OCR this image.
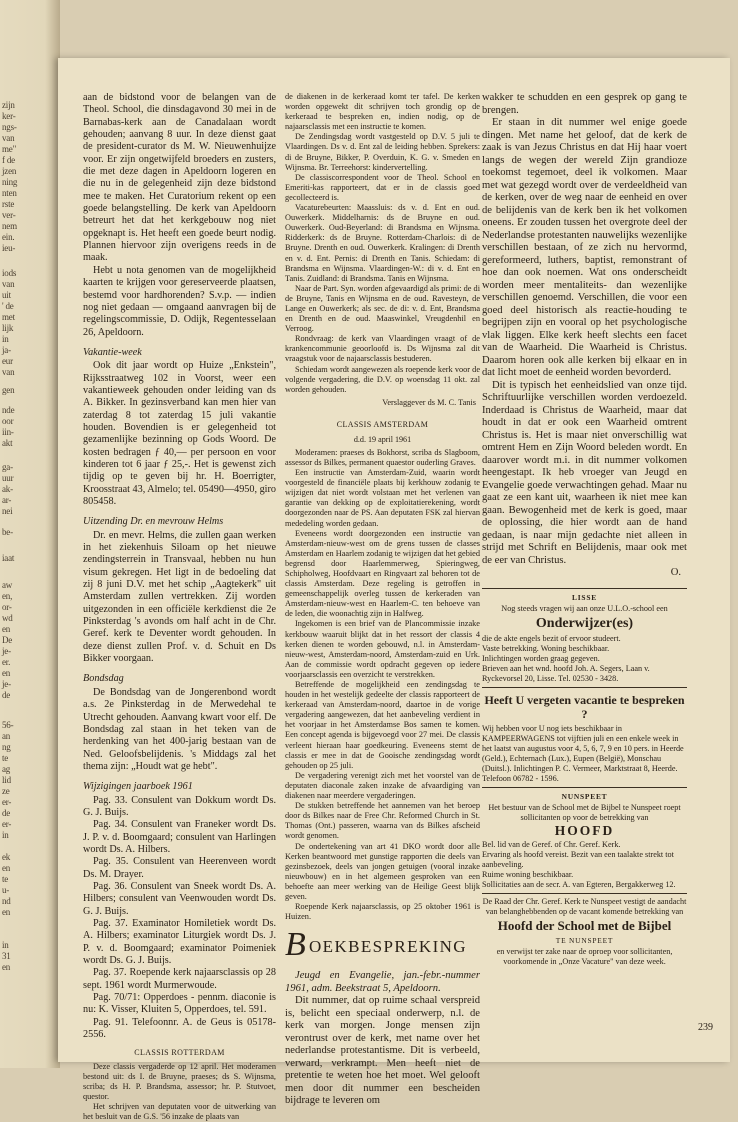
zijn
ker-
ngs-
van
me"
f de
jzen
ning
nten
rste
ver-
nem
ein.
ieu-
iods
van
uit
' de
met
lijk
in
ja-
eur
van
gen
nde
oor
iin-
akt
ga-
uur
ak-
ar-
nei
be-
iaat
aw
en,
or-
wd
en
De
je-
er.
en
je-
de
56-
an
ng
te
ag
lid
ze
er-
de
er-
in
ek
en
te
u-
nd
en
in
31
en

aan de bidstond voor de belangen van de Theol. School, die dinsdagavond 30 mei in de Barnabas-kerk aan de Canadalaan wordt gehouden; aanvang 8 uur. In deze dienst gaat de president-curator ds M. W. Nieuwenhuijze voor. Er zijn ongetwijfeld broeders en zusters, die met deze dagen in Apeldoorn logeren en die nu in de gelegenheid zijn deze bidstond mee te maken. Het Curatorium rekent op een goede belangstelling. De kerk van Apeldoorn betreurt het dat het kerkgebouw nog niet opgeknapt is. Het heeft een goede beurt nodig. Plannen hiervoor zijn overigens reeds in de maak.

Hebt u nota genomen van de mogelijkheid kaarten te krijgen voor gereserveerde plaatsen, bestemd voor hardhorenden? S.v.p. — indien nog niet gedaan — omgaand aanvragen bij de regelingscommissie, D. Odijk, Regentesselaan 26, Apeldoorn.

Vakantie-week

Ook dit jaar wordt op Huize „Enkstein", Rijksstraatweg 102 in Voorst, weer een vakantieweek gehouden onder leiding van ds A. Bikker. In gezinsverband kan men hier van zaterdag 8 tot zaterdag 15 juli vakantie houden. Bovendien is er gelegenheid tot gezamenlijke bezinning op Gods Woord. De kosten bedragen ƒ 40,— per persoon en voor kinderen tot 6 jaar ƒ 25,-. Het is gewenst zich tijdig op te geven bij hr. H. Boerrigter, Kroosstraat 43, Almelo; tel. 05490—4950, giro 805458.

Uitzending Dr. en mevrouw Helms

Dr. en mevr. Helms, die zullen gaan werken in het ziekenhuis Siloam op het nieuwe zendingsterrein in Transvaal, hebben nu hun visum gekregen. Het ligt in de bedoeling dat zij 8 juni D.V. met het schip „Aagtekerk" uit Amsterdam zullen vertrekken. Zij worden uitgezonden in een officiële kerkdienst die 2e Pinksterdag 's avonds om half acht in de Chr. Geref. kerk te Deventer wordt gehouden. In deze dienst zullen Prof. v. d. Schuit en Ds Bikker voorgaan.

Bondsdag

De Bondsdag van de Jongerenbond wordt a.s. 2e Pinksterdag in de Merwedehal te Utrecht gehouden. Aanvang kwart voor elf. De Bondsdag zal staan in het teken van de herdenking van het 400-jarig bestaan van de Ned. Geloofsbelijdenis. 's Middags zal het thema zijn: „Houdt wat ge hebt".

Wijzigingen jaarboek 1961

Pag. 33. Consulent van Dokkum wordt Ds. G. J. Buijs.

Pag. 34. Consulent van Franeker wordt Ds. J. P. v. d. Boomgaard; consulent van Harlingen wordt Ds. A. Hilbers.

Pag. 35. Consulent van Heerenveen wordt Ds. M. Drayer.

Pag. 36. Consulent van Sneek wordt Ds. A. Hilbers; consulent van Veenwouden wordt Ds. G. J. Buijs.

Pag. 37. Examinator Homiletiek wordt Ds. A. Hilbers; examinator Liturgiek wordt Ds. J. P. v. d. Boomgaard; examinator Poimeniek wordt Ds. G. J. Buijs.

Pag. 37. Roepende kerk najaarsclassis op 28 sept. 1961 wordt Murmerwoude.

Pag. 70/71: Opperdoes - pennm. diaconie is nu: K. Visser, Kluiten 5, Opperdoes, tel. 591.

Pag. 91. Telefoonnr. A. de Geus is 05178-2556.

CLASSIS ROTTERDAM

Deze classis vergaderde op 12 april. Het moderamen bestond uit: ds I. de Bruyne, praeses; ds S. Wijnsma, scriba; ds H. P. Brandsma, assessor; hr. P. Stutvoet, questor.

Het schrijven van deputaten voor de uitwerking van het besluit van de G.S. '56 inzake de plaats van

de diakenen in de kerkeraad komt ter tafel. De kerken worden opgewekt dit schrijven toch grondig op de kerkeraad te bespreken en, indien nodig, op de najaarsclassis met een instructie te komen.

De Zendingsdag wordt vastgesteld op D.V. 5 juli te Vlaardingen. Ds v. d. Ent zal de leiding hebben. Sprekers: di de Bruyne, Bikker, P. Overduin, K. G. v. Smeden en Wijnsma. Br. Terreehorst: kindervertelling.

De classiscorrespondent voor de Theol. School en Emeriti-kas rapporteert, dat er in de classis goed gecollecteerd is.

Vacaturebeurten: Maassluis: ds v. d. Ent en oud. Ouwerkerk. Middelharnis: ds de Bruyne en oud. Ouwerkerk. Oud-Beyerland: di Brandsma en Wijnsma. Ridderkerk: ds de Bruyne. Rotterdam-Charlois: di de Bruyne. Drenth en oud. Ouwerkerk. Kralingen: di Drenth en v. d. Ent. Pernis: di Drenth en Tanis. Schiedam: di Brandsma en Wijnsma. Vlaardingen-W.: di v. d. Ent en Tanis. Zuidland: di Brandsma. Tanis en Wijnsma.

Naar de Part. Syn. worden afgevaardigd als primi: de di de Bruyne, Tanis en Wijnsma en de oud. Ravesteyn, de Lange en Ouwerkerk; als sec. de di: v. d. Ent, Brandsma en Drenth en de oud. Maaswinkel, Vreugdenhil en Verroog.

Rondvraag: de kerk van Vlaardingen vraagt of de krankencommunie geoorloofd is. Ds Wijnsma zal dit vraagstuk voor de najaarsclassis bestuderen.

Schiedam wordt aangewezen als roepende kerk voor de volgende vergadering, die D.V. op woensdag 11 okt. zal worden gehouden.

Verslaggever ds M. C. Tanis
CLASSIS AMSTERDAM
d.d. 19 april 1961

Moderamen: praeses ds Bokhorst, scriba ds Slagboom, assessor ds Bilkes, permanent quaestor ouderling Graves.

Een instructie van Amsterdam-Zuid, waarin wordt voorgesteld de financiële plaats bij kerkhouw zodanig te wijzigen dat niet wordt volstaan met het verlenen van garantie van dekking op de exploitatierekening, wordt doorgezonden naar de PS. Aan deputaten FSK zal hiervan mededeling worden gedaan.

Eveneens wordt doorgezonden een instructie van Amsterdam-nieuw-west om de grens tussen de classes Amsterdam en Haarlem zodanig te wijzigen dat het gebied begrensd door Haarlemmerweg, Spieringweg, Schipholweg, Hoofdvaart en Ringvaart zal behoren tot de classis Amsterdam. Deze regeling is getroffen in gemeenschappelijk overleg tussen de kerkeraden van Amsterdam-nieuw-west en Haarlem-C. ten behoeve van de leden, die woonachtig zijn in Halfweg.

Ingekomen is een brief van de Plancommissie inzake kerkbouw waaruit blijkt dat in het ressort der classis 4 kerken dienen te worden gebouwd, n.l. in Amsterdam-nieuw-west, Amsterdam-noord, Amsterdam-zuid en Urk. Aan de commissie wordt opdracht gegeven op iedere voorjaarsclassis een overzicht te verstrekken.

Betreffende de mogelijkheid een zendingsdag te houden in het westelijk gedeelte der classis rapporteert de kerkeraad van Amsterdam-noord, daartoe in de vorige vergadering aangewezen, dat het aanbeveling verdient in het voorjaar in het Amsterdamse Bos samen te komen. Een concept agenda is bijgevoegd voor 27 mei. De classis verleent hieraan haar goedkeuring. Eveneens stemt de classis er mee in dat de Gooische zendingsdag wordt gehouden op 25 juli.

De vergadering verenigt zich met het voorstel van de deputaten diaconale zaken inzake de afvaardiging van diakenen naar meerdere vergaderingen.

De stukken betreffende het aannemen van het beroep door ds Bilkes naar de Free Chr. Reformed Church in St. Thomas (Ont.) passeren, waarna van ds Bilkes afscheid wordt genomen.

De ondertekening van art 41 DKO wordt door alle Kerken beantwoord met gunstige rapporten die deels van gezinsbezoek, deels van jongen getuigen (vooral inzake nieuwbouw) en in het algemeen gesproken van een behoefte aan meer werking van de Heilige Geest blijk geven.

Roepende Kerk najaarsclassis, op 25 oktober 1961 is Huizen.

B OEKBESPREKING

Jeugd en Evangelie, jan.-febr.-nummer 1961, adm. Beekstraat 5, Apeldoorn.

Dit nummer, dat op ruime schaal verspreid is, belicht een speciaal onderwerp, n.l. de kerk van morgen. Jonge mensen zijn verontrust over de kerk, met name over het nederlandse protestantisme. Dit is verbeeld, verward, verkrampt. Men heeft niet de pretentie te weten hoe het moet. Wel gelooft men door dit nummer een bescheiden bijdrage te leveren om

wakker te schudden en een gesprek op gang te brengen.

Er staan in dit nummer wel enige goede dingen. Met name het geloof, dat de kerk de zaak is van Jezus Christus en dat Hij haar voert langs de wegen der wereld Zijn grandioze toekomst tegemoet, deel ik volkomen. Maar met wat gezegd wordt over de verdeeldheid van de kerken, over de weg naar de eenheid en over de belijdenis van de kerk ben ik het volkomen oneens. Er zouden tussen het overgrote deel der Nederlandse protestanten nauwelijks wezenlijke verschillen bestaan, of ze zich nu hervormd, gereformeerd, luthers, baptist, remonstrant of hoe dan ook noemen. Wat ons onderscheidt worden meer mentaliteits- dan wezenlijke verschillen genoemd. Verschillen, die voor een goed deel historisch als reactie-houding te begrijpen zijn en vooral op het psychologische vlak liggen. Elke kerk heeft slechts een facet van de Waarheid. Die Waarheid is Christus. Daarom horen ook alle kerken bij elkaar en in dat licht moet de eenheid worden bevorderd.

Dit is typisch het eenheidslied van onze tijd. Schriftuurlijke verschillen worden verdoezeld. Inderdaad is Christus de Waarheid, maar dat houdt in dat er ook een Waarheid omtrent Christus is. Het is maar niet onverschillig wat omtrent Hem en Zijn Woord beleden wordt. En daarover wordt m.i. in dit nummer volkomen heengestapt. Ik heb vroeger van Jeugd en Evangelie goede verwachtingen gehad. Maar nu gaat ze een kant uit, waarheen ik niet mee kan gaan. Bewogenheid met de kerk is goed, maar de oplossing, die hier wordt aan de hand gedaan, is naar mijn gedachte niet alleen in strijd met Schrift en Belijdenis, maar ook met de eer van Christus.

O.
LISSE
Nog steeds vragen wij aan onze U.L.O.-school een
Onderwijzer(es)
die de akte engels bezit of ervoor studeert.
Vaste betrekking. Woning beschikbaar.
Inlichtingen worden graag gegeven.
Brieven aan het wnd. hoofd Joh. A. Segers, Laan v. Ryckevorsel 20, Lisse. Tel. 02530 - 3428.
Heeft U vergeten vacantie te bespreken ?
Wij hebben voor U nog iets beschikbaar in KAMPEERWAGENS tot vijftien juli en een enkele week in het laatst van augustus voor 4, 5, 6, 7, 9 en 10 pers. in Heerde (Geld.), Echternach (Lux.), Eupen (België), Monschau (Duitsl.). Inlichtingen P. C. Vermeer, Marktstraat 8, Heerde. Telefoon 06782 - 1596.
NUNSPEET
Het bestuur van de School met de Bijbel te Nunspeet roept sollicitanten op voor de betrekking van
HOOFD
Bel. lid van de Geref. of Chr. Geref. Kerk.
Ervaring als hoofd vereist. Bezit van een taalakte strekt tot aanbeveling.
Ruime woning beschikbaar.
Sollicitaties aan de secr. A. van Egteren, Bergakkerweg 12.
De Raad der Chr. Geref. Kerk te Nunspeet vestigt de aandacht van belanghebbenden op de vacant komende betrekking van
Hoofd der School met de Bijbel
TE NUNSPEET
en verwijst ter zake naar de oproep voor sollicitanten, voorkomende in „Onze Vacature" van deze week.
239
